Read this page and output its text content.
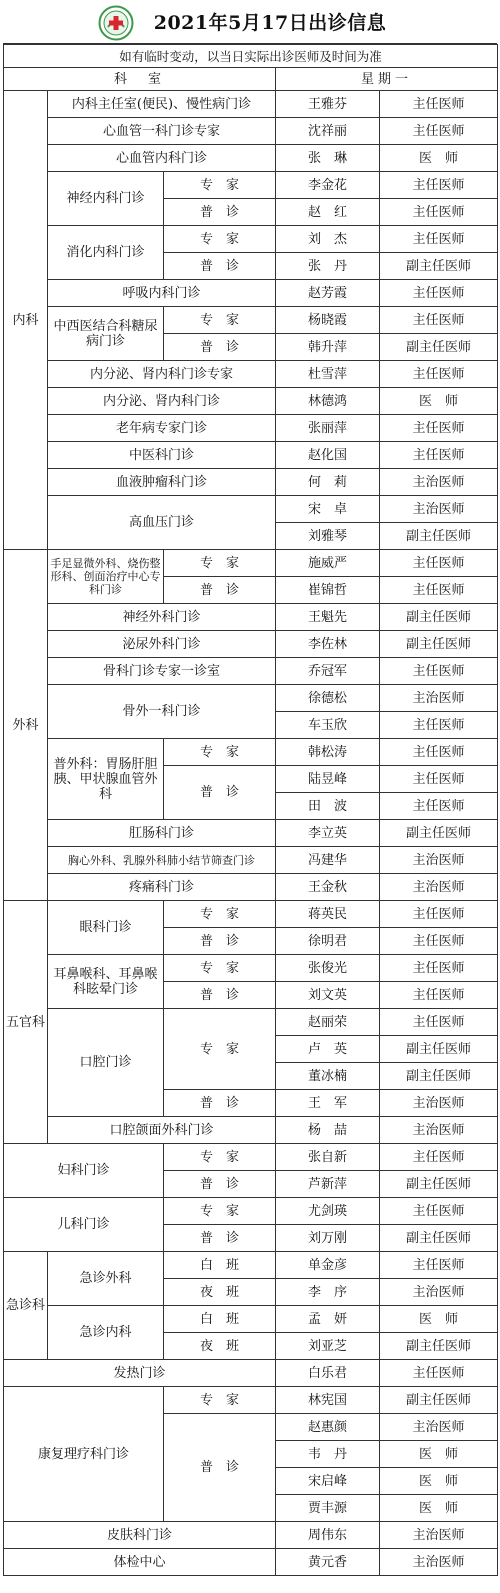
2021年5月17日出诊信息
如有临时变动，以当日实际出诊医师及时间为准				
科　室			星期一	
内科	内科主任室(便民)、慢性病门诊		王雅芬	主任医师
	心血管一科门诊专家		沈祥丽	主任医师
	心血管内科门诊		张　琳	医　师
	神经内科门诊	专　家	李金花	主任医师
		普　诊	赵　红	主任医师
	消化内科门诊	专　家	刘　杰	主任医师
		普　诊	张　丹	副主任医师
	呼吸内科门诊		赵芳霞	主任医师
	中西医结合科糖尿病门诊	专　家	杨晓霞	主任医师
		普　诊	韩升萍	副主任医师
	内分泌、肾内科门诊专家		杜雪萍	主任医师
	内分泌、肾内科门诊		林德鸿	医　师
	老年病专家门诊		张丽萍	主任医师
	中医科门诊		赵化国	主任医师
	血液肿瘤科门诊		何　莉	主治医师
	高血压门诊		宋　卓	主治医师
			刘雅琴	副主任医师
外科	手足显微外科、烧伤整形科、创面治疗中心专科门诊	专　家	施威严	主任医师
		普　诊	崔锦哲	主任医师
	神经外科门诊		王魁先	副主任医师
	泌尿外科门诊		李佐林	副主任医师
	骨科门诊专家一诊室		乔冠军	主任医师
	骨外一科门诊		徐德松	主治医师
			车玉欣	主任医师
	普外科：胃肠肝胆胰、甲状腺血管外科	专　家	韩松涛	主任医师
		普　诊	陆昱峰	主任医师
			田　波	主任医师
	肛肠科门诊		李立英	副主任医师
	胸心外科、乳腺外科肺小结节筛查门诊		冯建华	主治医师
	疼痛科门诊		王金秋	主治医师
五官科	眼科门诊	专　家	蒋英民	主任医师
		普　诊	徐明君	主任医师
	耳鼻喉科、耳鼻喉科眩晕门诊	专　家	张俊光	主任医师
		普　诊	刘文英	主任医师
	口腔门诊	专　家	赵丽荣	主任医师
			卢　英	副主任医师
			董冰楠	副主任医师
		普　诊	王　军	主治医师
	口腔颌面外科门诊		杨　喆	主治医师
妇科门诊		专　家	张自新	主任医师
		普　诊	芦新萍	副主任医师
儿科门诊		专　家	尤剑瑛	主任医师
		普　诊	刘万刚	副主任医师
急诊科	急诊外科	白　班	单金彦	主任医师
		夜　班	李　序	主治医师
	急诊内科	白　班	孟　妍	医　师
		夜　班	刘亚芝	副主任医师
发热门诊			白乐君	主任医师
康复理疗科门诊		专　家	林宪国	副主任医师
		普　诊	赵惠颜	主治医师
			韦　丹	医　师
			宋启峰	医　师
			贾丰源	医　师
皮肤科门诊			周伟东	主治医师
体检中心			黄元香	主治医师
